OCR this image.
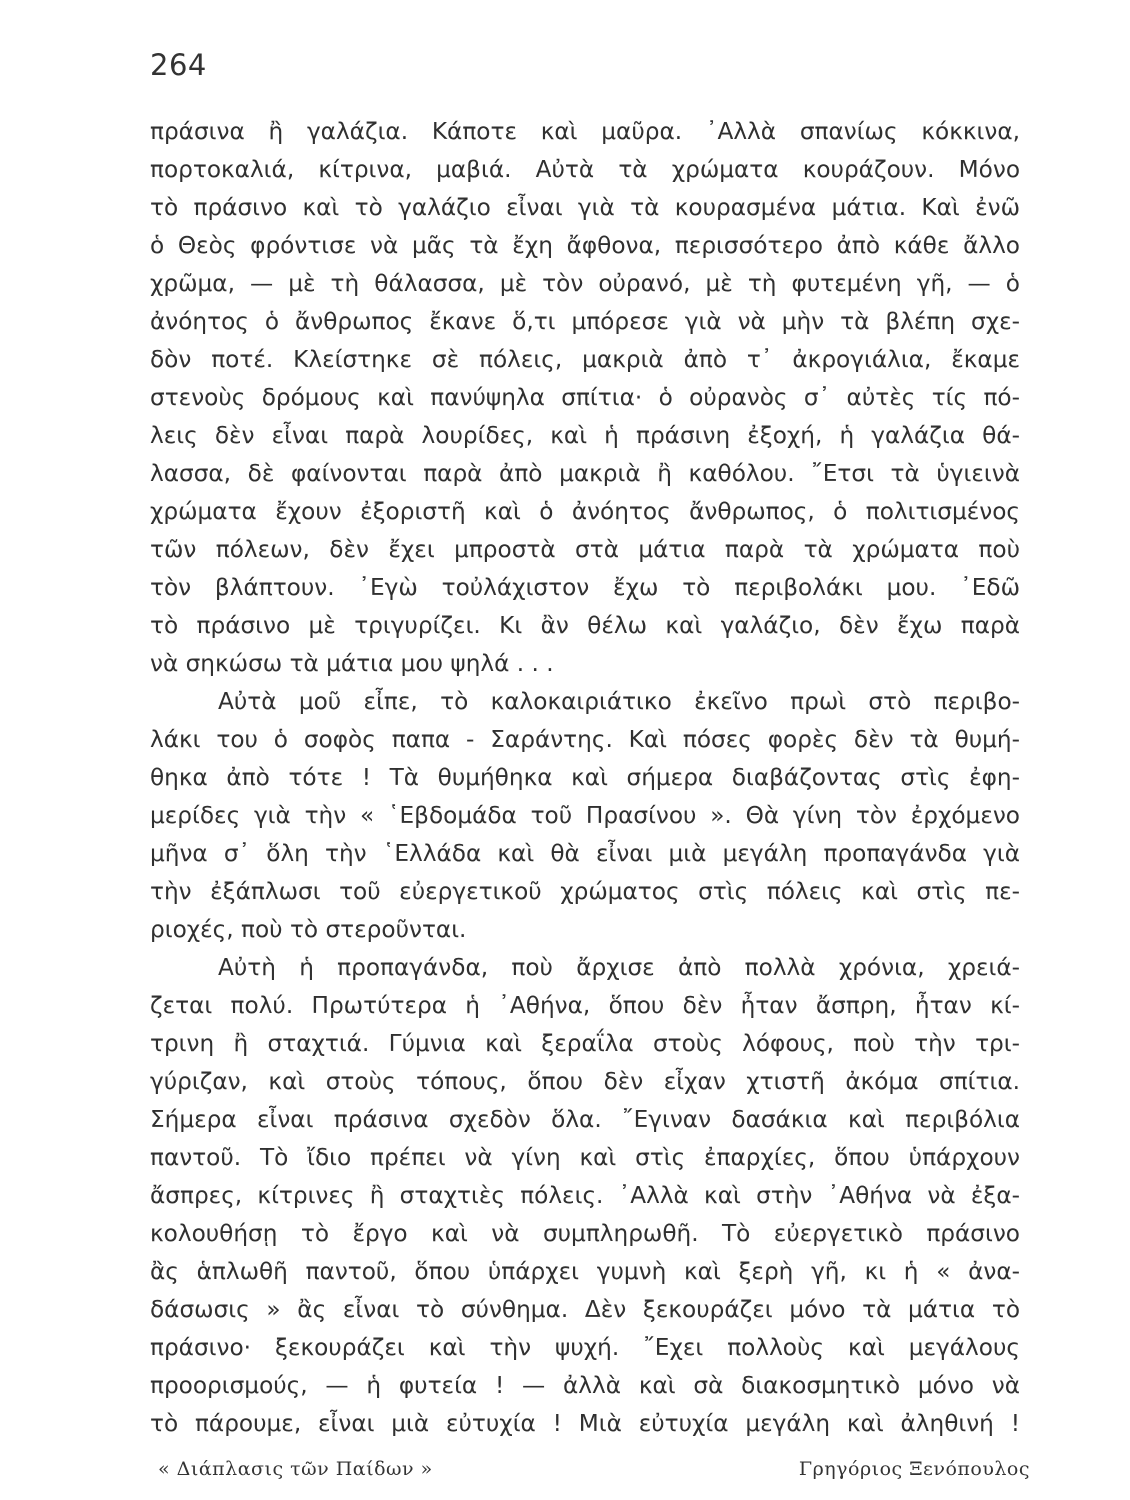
264
πράσινα ἢ γαλάζια. Κάποτε καὶ μαῦρα. ᾿Αλλὰ σπανίως κόκκινα,
πορτοκαλιά, κίτρινα, μαβιά. Αὐτὰ τὰ χρώματα κουράζουν. Μόνο
τὸ πράσινο καὶ τὸ γαλάζιο εἶναι γιὰ τὰ κουρασμένα μάτια. Καὶ ἐνῶ
ὁ Θεὸς φρόντισε νὰ μᾶς τὰ ἔχη ἄφθονα, περισσότερο ἀπὸ κάθε ἄλλο
χρῶμα, — μὲ τὴ θάλασσα, μὲ τὸν οὐρανό, μὲ τὴ φυτεμένη γῆ, — ὁ
ἀνόητος ὁ ἄνθρωπος ἔκανε ὅ,τι μπόρεσε γιὰ νὰ μὴν τὰ βλέπη σχε-
δὸν ποτέ. Κλείστηκε σὲ πόλεις, μακριὰ ἀπὸ τ᾿ ἀκρογιάλια, ἔκαμε
στενοὺς δρόμους καὶ πανύψηλα σπίτια· ὁ οὐρανὸς σ᾿ αὐτὲς τίς πό-
λεις δὲν εἶναι παρὰ λουρίδες, καὶ ἡ πράσινη ἐξοχή, ἡ γαλάζια θά-
λασσα, δὲ φαίνονται παρὰ ἀπὸ μακριὰ ἢ καθόλου. ῎Ετσι τὰ ὑγιεινὰ
χρώματα ἔχουν ἐξοριστῆ καὶ ὁ ἀνόητος ἄνθρωπος, ὁ πολιτισμένος
τῶν πόλεων, δὲν ἔχει μπροστὰ στὰ μάτια παρὰ τὰ χρώματα ποὺ
τὸν βλάπτουν. ᾿Εγὼ τοὐλάχιστον ἔχω τὸ περιβολάκι μου. ᾿Εδῶ
τὸ πράσινο μὲ τριγυρίζει. Κι ἂν θέλω καὶ γαλάζιο, δὲν ἔχω παρὰ
νὰ σηκώσω τὰ μάτια μου ψηλά . . .
Αὐτὰ μοῦ εἶπε, τὸ καλοκαιριάτικο ἐκεῖνο πρωὶ στὸ περιβο-
λάκι του ὁ σοφὸς παπα - Σαράντης. Καὶ πόσες φορὲς δὲν τὰ θυμή-
θηκα ἀπὸ τότε ! Τὰ θυμήθηκα καὶ σήμερα διαβάζοντας στὶς ἐφη-
μερίδες γιὰ τὴν « ῾Εβδομάδα τοῦ Πρασίνου ». Θὰ γίνη τὸν ἐρχόμενο
μῆνα σ᾿ ὅλη τὴν ῾Ελλάδα καὶ θὰ εἶναι μιὰ μεγάλη προπαγάνδα γιὰ
τὴν ἐξάπλωσι τοῦ εὐεργετικοῦ χρώματος στὶς πόλεις καὶ στὶς πε-
ριοχές, ποὺ τὸ στεροῦνται.
Αὐτὴ ἡ προπαγάνδα, ποὺ ἄρχισε ἀπὸ πολλὰ χρόνια, χρειά-
ζεται πολύ. Πρωτύτερα ἡ ᾿Αθήνα, ὅπου δὲν ἦταν ἄσπρη, ἦταν κί-
τρινη ἢ σταχτιά. Γύμνια καὶ ξεραΐλα στοὺς λόφους, ποὺ τὴν τρι-
γύριζαν, καὶ στοὺς τόπους, ὅπου δὲν εἶχαν χτιστῆ ἀκόμα σπίτια.
Σήμερα εἶναι πράσινα σχεδὸν ὅλα. ῎Εγιναν δασάκια καὶ περιβόλια
παντοῦ. Τὸ ἴδιο πρέπει νὰ γίνη καὶ στὶς ἐπαρχίες, ὅπου ὑπάρχουν
ἄσπρες, κίτρινες ἢ σταχτιὲς πόλεις. ᾿Αλλὰ καὶ στὴν ᾿Αθήνα νὰ ἐξα-
κολουθήσῃ τὸ ἔργο καὶ νὰ συμπληρωθῆ. Τὸ εὐεργετικὸ πράσινο
ἂς ἁπλωθῆ παντοῦ, ὅπου ὑπάρχει γυμνὴ καὶ ξερὴ γῆ, κι ἡ « ἀνα-
δάσωσις » ἂς εἶναι τὸ σύνθημα. Δὲν ξεκουράζει μόνο τὰ μάτια τὸ
πράσινο· ξεκουράζει καὶ τὴν ψυχή. ῎Εχει πολλοὺς καὶ μεγάλους
προορισμούς, — ἡ φυτεία ! — ἀλλὰ καὶ σὰ διακοσμητικὸ μόνο νὰ
τὸ πάρουμε, εἶναι μιὰ εὐτυχία ! Μιὰ εὐτυχία μεγάλη καὶ ἀληθινή !
« Διάπλασις τῶν Παίδων »	Γρηγόριος Ξενόπουλος
